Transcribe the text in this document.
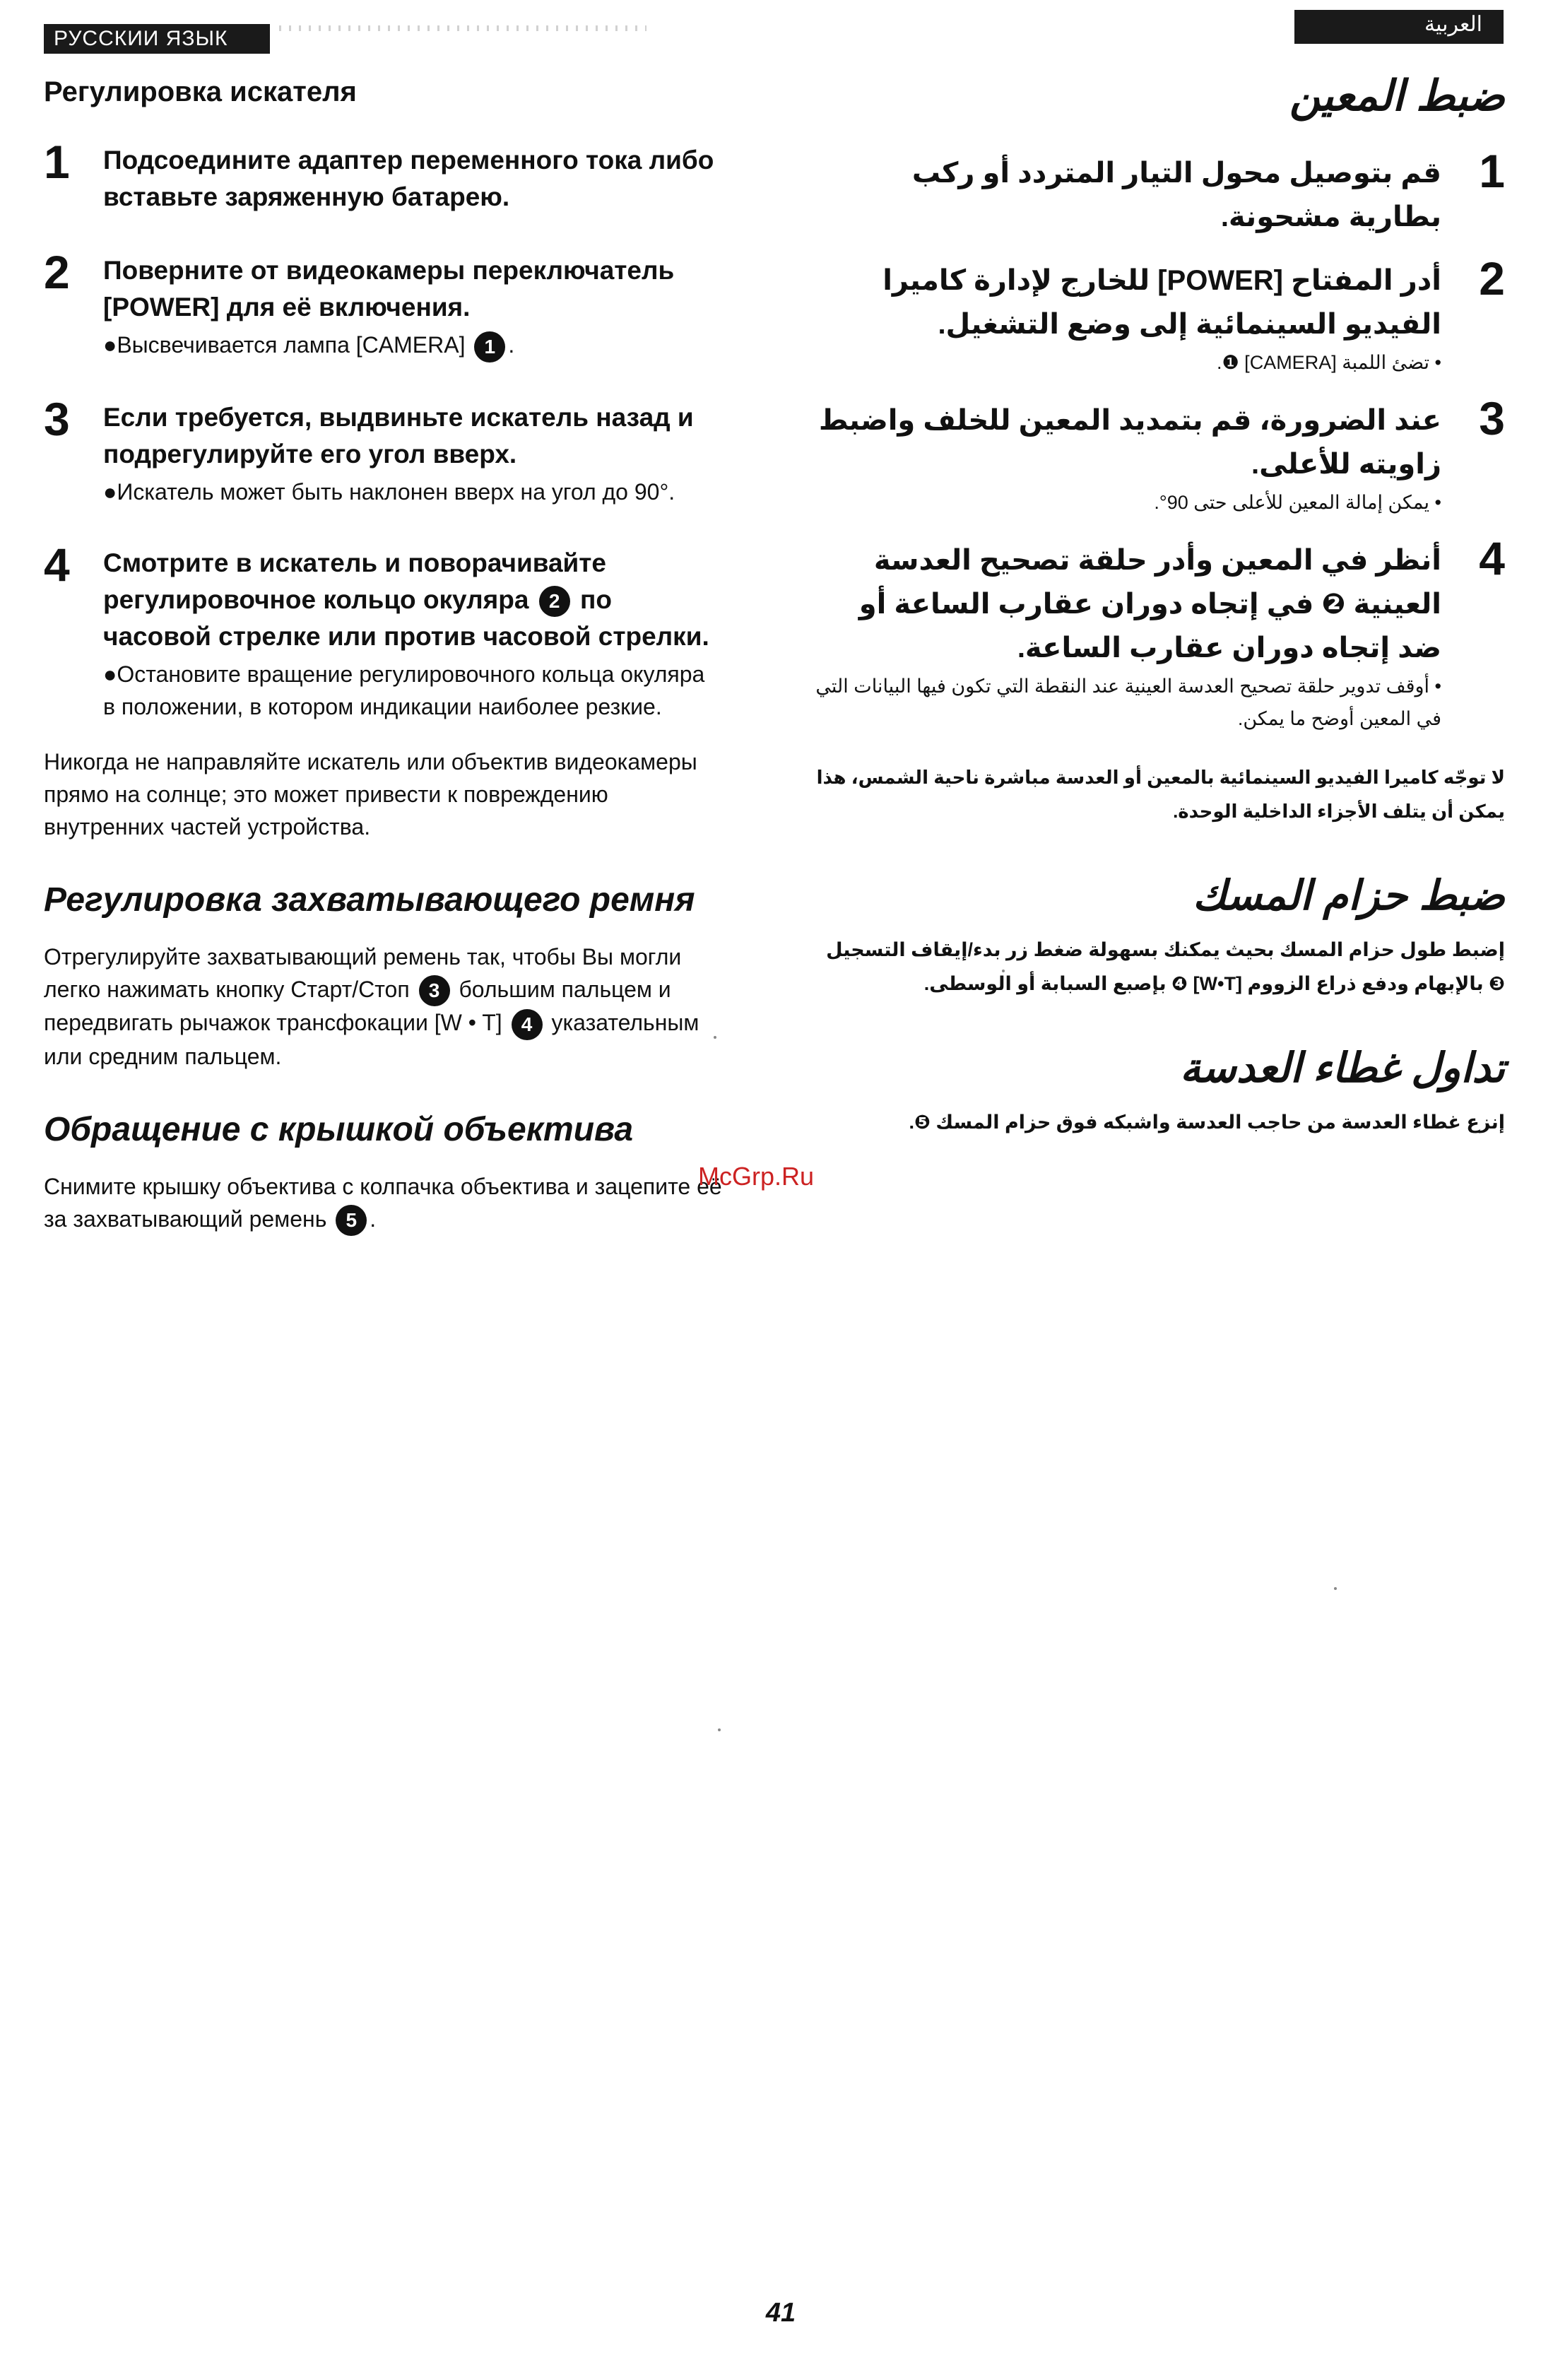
РУССКИИ ЯЗЫК
العربية
Регулировка искателя
1 Подсоедините адаптер переменного тока либо вставьте заряженную батарею.
2 Поверните от видеокамеры переключатель [POWER] для её включения.
●Высвечивается лампа [CAMERA] 1 .
3 Если требуется, выдвиньте искатель назад и подрегулируйте его угол вверх.
●Искатель может быть наклонен вверх на угол до 90°.
4 Смотрите в искатель и поворачивайте регулировочное кольцо окуляра 2 по часовой стрелке или против часовой стрелки.
●Остановите вращение регулировочного кольца окуляра в положении, в котором индикации наиболее резкие.
Никогда не направляйте искатель или объектив видеокамеры прямо на солнце; это может привести к повреждению внутренних частей устройства.
Регулировка захватывающего ремня
Отрегулируйте захватывающий ремень так, чтобы Вы могли легко нажимать кнопку Старт/Стоп 3 большим пальцем и передвигать рычажок трансфокации [W • T] 4 указательным или средним пальцем.
Обращение с крышкой объектива
Снимите крышку объектива с колпачка объектива и зацепите её за захватывающий ремень 5 .
McGrp.Ru
ضبط المعين
1
قم بتوصيل محول التيار المتردد أو ركب بطارية مشحونة.
2
أدر المفتاح [POWER] للخارج لإدارة كاميرا الفيديو السينمائية إلى وضع التشغيل.
• تضئ اللمبة [CAMERA] ❶.
3
عند الضرورة، قم بتمديد المعين للخلف واضبط زاويته للأعلى.
• يمكن إمالة المعين للأعلى حتى 90°.
4
أنظر في المعين وأدر حلقة تصحيح العدسة العينية ❷ في إتجاه دوران عقارب الساعة أو ضد إتجاه دوران عقارب الساعة.
• أوقف تدوير حلقة تصحيح العدسة العينية عند النقطة التي تكون فيها البيانات التي في المعين أوضح ما يمكن.
لا توجّه كاميرا الفيديو السينمائية بالمعين أو العدسة مباشرة ناحية الشمس، هذا يمكن أن يتلف الأجزاء الداخلية الوحدة.
ضبط حزام المسك
إضبط طول حزام المسك بحيث يمكنك بسهولة ضغط زر بدء/إيقاف التسجيل ❸ بالإبهام ودفع ذراع الزووم [W•T] ❹ بإصبع السبابة أو الوسطى.
تداول غطاء العدسة
إنزع غطاء العدسة من حاجب العدسة واشبكه فوق حزام المسك ❺.
41
